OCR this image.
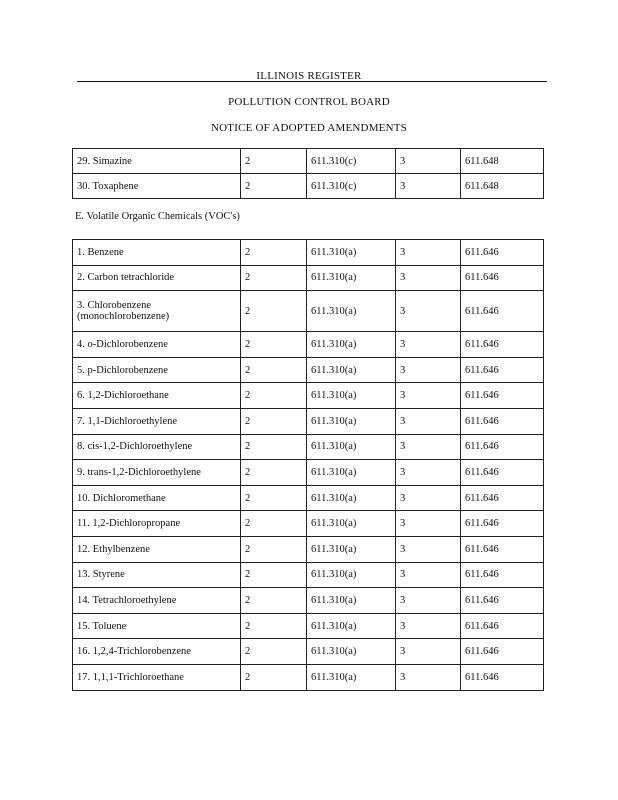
ILLINOIS REGISTER
POLLUTION CONTROL BOARD
NOTICE OF ADOPTED AMENDMENTS
29. Simazine	2	611.310(c)	3	611.648
30. Toxaphene	2	611.310(c)	3	611.648
E. Volatile Organic Chemicals (VOC's)
1. Benzene	2	611.310(a)	3	611.646
2. Carbon tetrachloride	2	611.310(a)	3	611.646
3. Chlorobenzene
(monochlorobenzene)	2	611.310(a)	3	611.646
4. o-Dichlorobenzene	2	611.310(a)	3	611.646
5. p-Dichlorobenzene	2	611.310(a)	3	611.646
6. 1,2-Dichloroethane	2	611.310(a)	3	611.646
7. 1,1-Dichloroethylene	2	611.310(a)	3	611.646
8. cis-1,2-Dichloroethylene	2	611.310(a)	3	611.646
9. trans-1,2-Dichloroethylene	2	611.310(a)	3	611.646
10. Dichloromethane	2	611.310(a)	3	611.646
11. 1,2-Dichloropropane	2	611.310(a)	3	611.646
12. Ethylbenzene	2	611.310(a)	3	611.646
13. Styrene	2	611.310(a)	3	611.646
14. Tetrachloroethylene	2	611.310(a)	3	611.646
15. Toluene	2	611.310(a)	3	611.646
16. 1,2,4-Trichlorobenzene	2	611.310(a)	3	611.646
17. 1,1,1-Trichloroethane	2	611.310(a)	3	611.646
